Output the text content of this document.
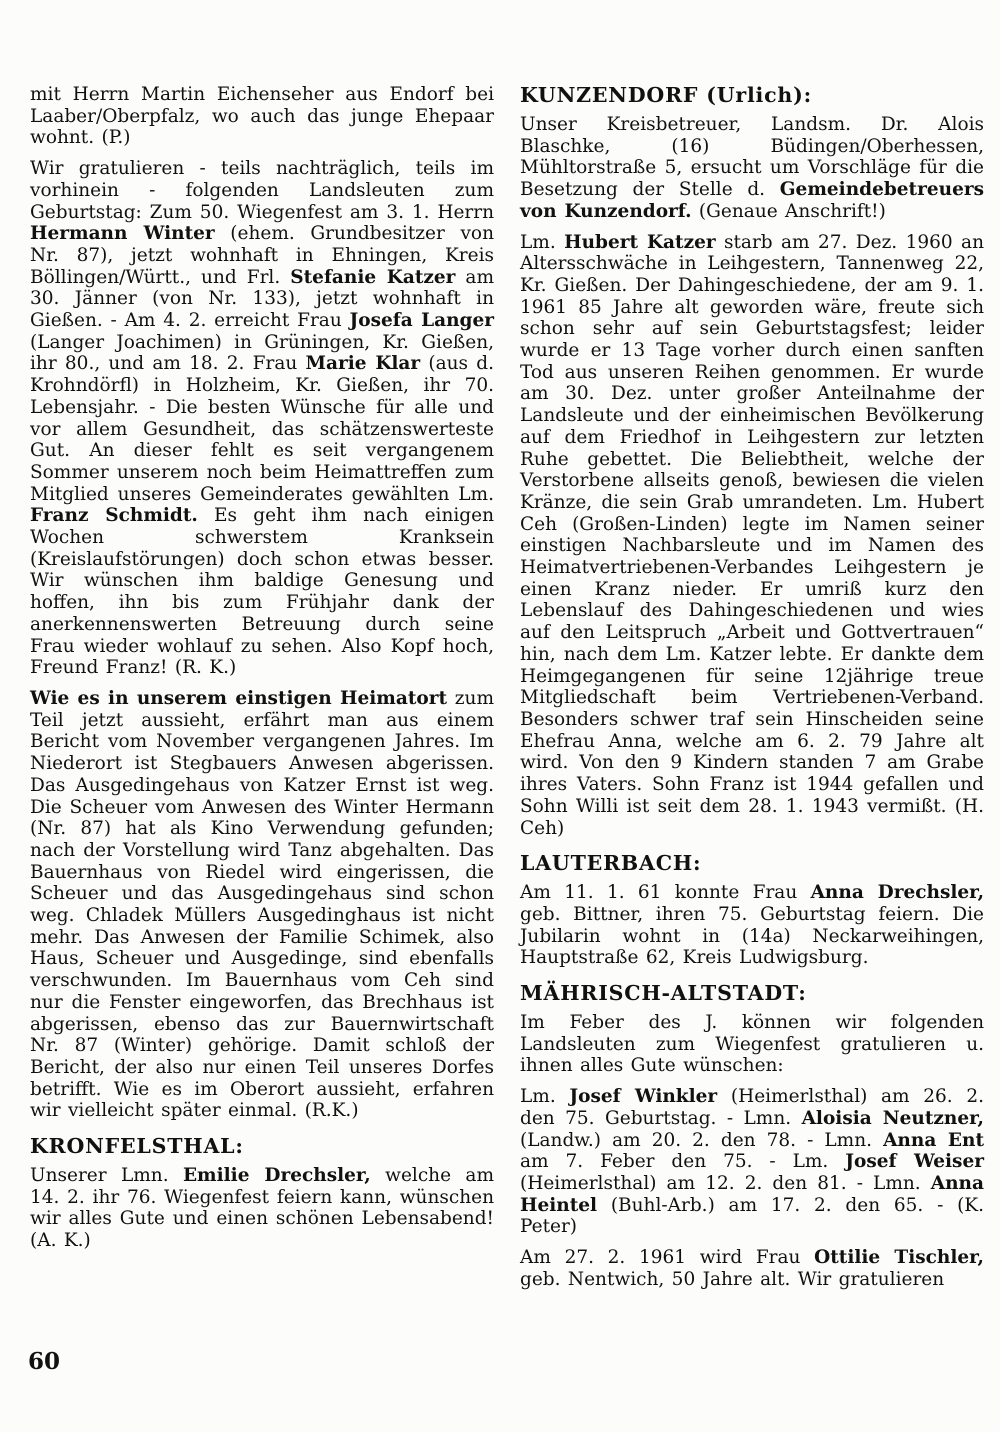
mit Herrn Martin Eichenseher aus Endorf bei Laaber/Oberpfalz, wo auch das junge Ehepaar wohnt. (P.)

Wir gratulieren - teils nachträglich, teils im vorhinein - folgenden Landsleuten zum Geburtstag: Zum 50. Wiegenfest am 3. 1. Herrn Hermann Winter (ehem. Grundbesitzer von Nr. 87), jetzt wohnhaft in Ehningen, Kreis Böllingen/Württ., und Frl. Stefanie Katzer am 30. Jänner (von Nr. 133), jetzt wohnhaft in Gießen. - Am 4. 2. erreicht Frau Josefa Langer (Langer Joachimen) in Grüningen, Kr. Gießen, ihr 80., und am 18. 2. Frau Marie Klar (aus d. Krohndörfl) in Holzheim, Kr. Gießen, ihr 70. Lebensjahr. - Die besten Wünsche für alle und vor allem Gesundheit, das schätzenswerteste Gut. An dieser fehlt es seit vergangenem Sommer unserem noch beim Heimattreffen zum Mitglied unseres Gemeinderates gewählten Lm. Franz Schmidt. Es geht ihm nach einigen Wochen schwerstem Kranksein (Kreislaufstörungen) doch schon etwas besser. Wir wünschen ihm baldige Genesung und hoffen, ihn bis zum Frühjahr dank der anerkennenswerten Betreuung durch seine Frau wieder wohlauf zu sehen. Also Kopf hoch, Freund Franz! (R. K.)

Wie es in unserem einstigen Heimatort zum Teil jetzt aussieht, erfährt man aus einem Bericht vom November vergangenen Jahres. Im Niederort ist Stegbauers Anwesen abgerissen. Das Ausgedingehaus von Katzer Ernst ist weg. Die Scheuer vom Anwesen des Winter Hermann (Nr. 87) hat als Kino Verwendung gefunden; nach der Vorstellung wird Tanz abgehalten. Das Bauernhaus von Riedel wird eingerissen, die Scheuer und das Ausgedingehaus sind schon weg. Chladek Müllers Ausgedinghaus ist nicht mehr. Das Anwesen der Familie Schimek, also Haus, Scheuer und Ausgedinge, sind ebenfalls verschwunden. Im Bauernhaus vom Ceh sind nur die Fenster eingeworfen, das Brechhaus ist abgerissen, ebenso das zur Bauernwirtschaft Nr. 87 (Winter) gehörige. Damit schloß der Bericht, der also nur einen Teil unseres Dorfes betrifft. Wie es im Oberort aussieht, erfahren wir vielleicht später einmal. (R.K.)

KRONFELSTHAL:

Unserer Lmn. Emilie Drechsler, welche am 14. 2. ihr 76. Wiegenfest feiern kann, wünschen wir alles Gute und einen schönen Lebensabend! (A. K.)

KUNZENDORF (Urlich):

Unser Kreisbetreuer, Landsm. Dr. Alois Blaschke, (16) Büdingen/Oberhessen, Mühltorstraße 5, ersucht um Vorschläge für die Besetzung der Stelle d. Gemeindebetreuers von Kunzendorf. (Genaue Anschrift!)

Lm. Hubert Katzer starb am 27. Dez. 1960 an Altersschwäche in Leihgestern, Tannenweg 22, Kr. Gießen. Der Dahingeschiedene, der am 9. 1. 1961 85 Jahre alt geworden wäre, freute sich schon sehr auf sein Geburtstagsfest; leider wurde er 13 Tage vorher durch einen sanften Tod aus unseren Reihen genommen. Er wurde am 30. Dez. unter großer Anteilnahme der Landsleute und der einheimischen Bevölkerung auf dem Friedhof in Leihgestern zur letzten Ruhe gebettet. Die Beliebtheit, welche der Verstorbene allseits genoß, bewiesen die vielen Kränze, die sein Grab umrandeten. Lm. Hubert Ceh (Großen-Linden) legte im Namen seiner einstigen Nachbarsleute und im Namen des Heimatvertriebenen-Verbandes Leihgestern je einen Kranz nieder. Er umriß kurz den Lebenslauf des Dahingeschiedenen und wies auf den Leitspruch „Arbeit und Gottvertrauen“ hin, nach dem Lm. Katzer lebte. Er dankte dem Heimgegangenen für seine 12jährige treue Mitgliedschaft beim Vertriebenen-Verband. Besonders schwer traf sein Hinscheiden seine Ehefrau Anna, welche am 6. 2. 79 Jahre alt wird. Von den 9 Kindern standen 7 am Grabe ihres Vaters. Sohn Franz ist 1944 gefallen und Sohn Willi ist seit dem 28. 1. 1943 vermißt. (H. Ceh)

LAUTERBACH:

Am 11. 1. 61 konnte Frau Anna Drechsler, geb. Bittner, ihren 75. Geburtstag feiern. Die Jubilarin wohnt in (14a) Neckarweihingen, Hauptstraße 62, Kreis Ludwigsburg.

MÄHRISCH-ALTSTADT:

Im Feber des J. können wir folgenden Landsleuten zum Wiegenfest gratulieren u. ihnen alles Gute wünschen:

Lm. Josef Winkler (Heimerlsthal) am 26. 2. den 75. Geburtstag. - Lmn. Aloisia Neutzner, (Landw.) am 20. 2. den 78. - Lmn. Anna Ent am 7. Feber den 75. - Lm. Josef Weiser (Heimerlsthal) am 12. 2. den 81. - Lmn. Anna Heintel (Buhl-Arb.) am 17. 2. den 65. - (K. Peter)

Am 27. 2. 1961 wird Frau Ottilie Tischler, geb. Nentwich, 50 Jahre alt. Wir gratulieren

60
